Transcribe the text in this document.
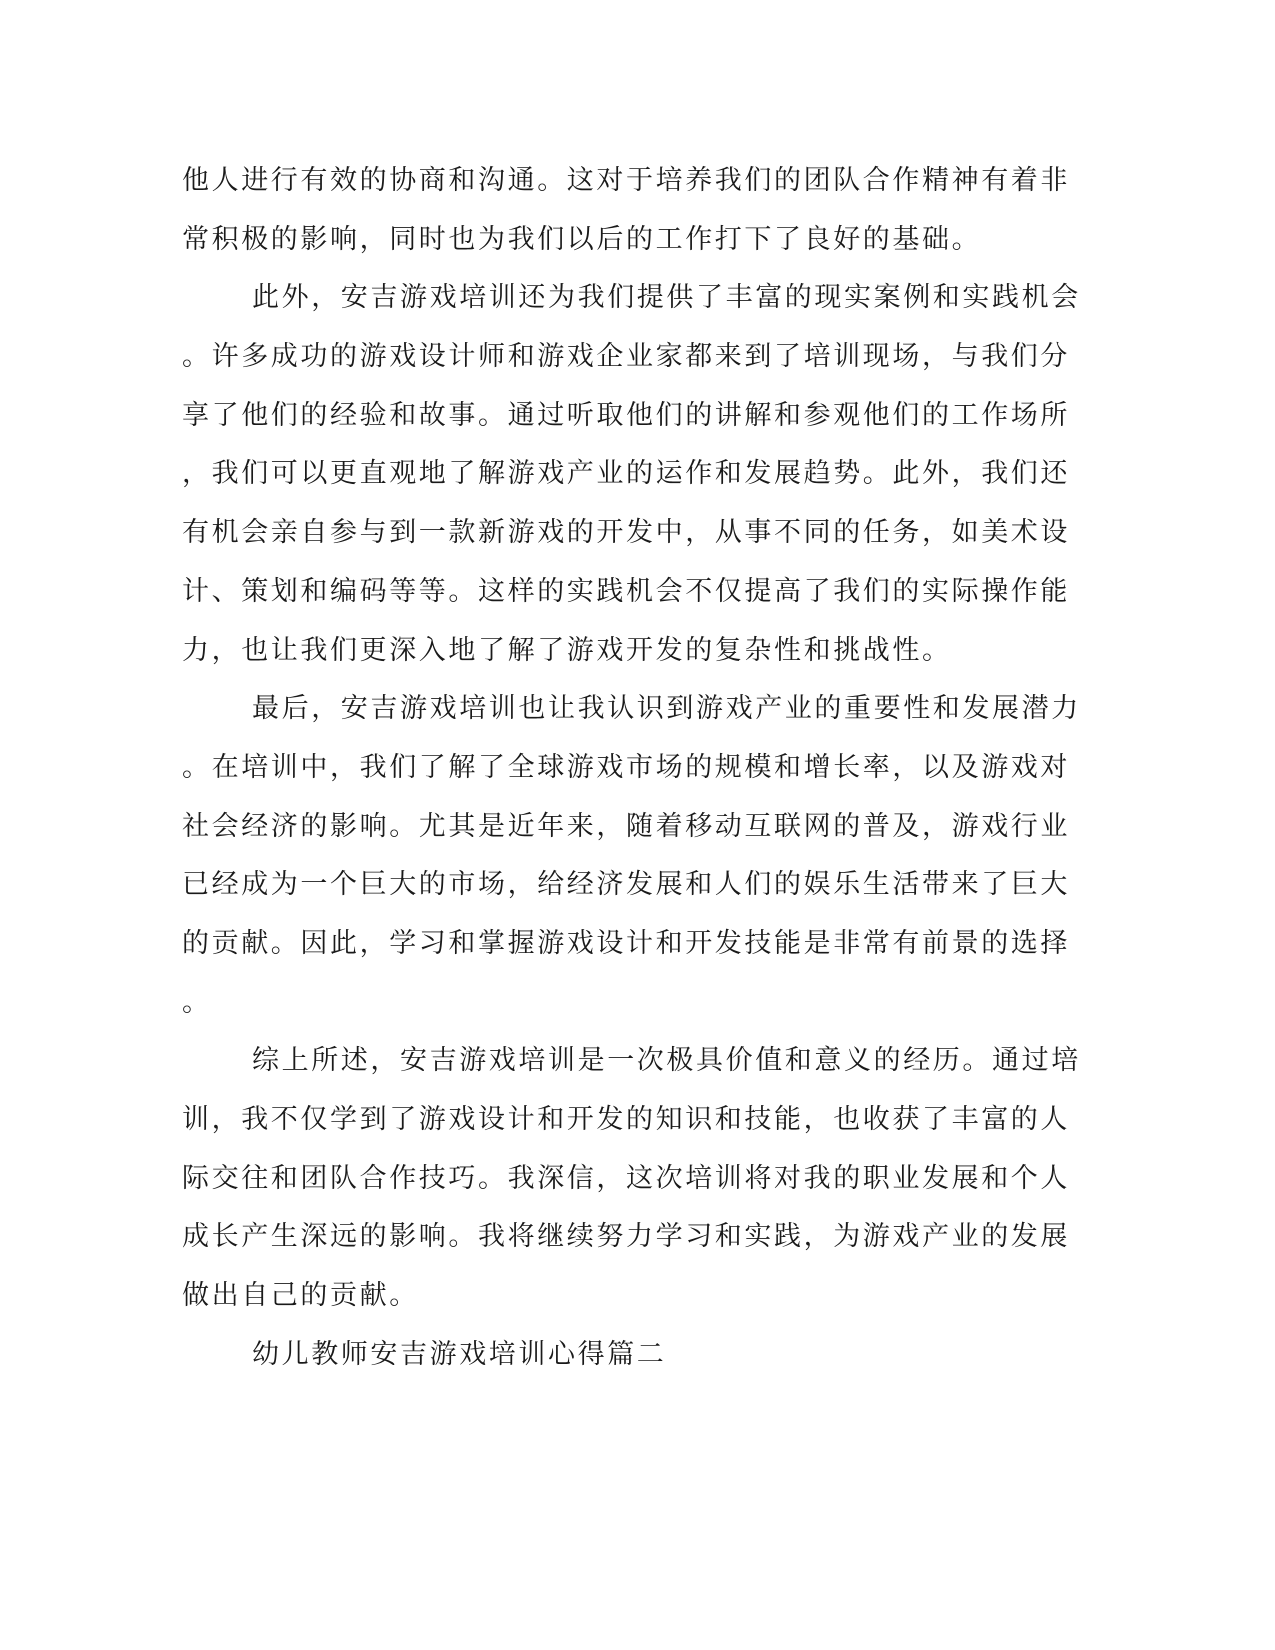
他人进行有效的协商和沟通。这对于培养我们的团队合作精神有着非
常积极的影响，同时也为我们以后的工作打下了良好的基础。
此外，安吉游戏培训还为我们提供了丰富的现实案例和实践机会
。许多成功的游戏设计师和游戏企业家都来到了培训现场，与我们分
享了他们的经验和故事。通过听取他们的讲解和参观他们的工作场所
，我们可以更直观地了解游戏产业的运作和发展趋势。此外，我们还
有机会亲自参与到一款新游戏的开发中，从事不同的任务，如美术设
计、策划和编码等等。这样的实践机会不仅提高了我们的实际操作能
力，也让我们更深入地了解了游戏开发的复杂性和挑战性。
最后，安吉游戏培训也让我认识到游戏产业的重要性和发展潜力
。在培训中，我们了解了全球游戏市场的规模和增长率，以及游戏对
社会经济的影响。尤其是近年来，随着移动互联网的普及，游戏行业
已经成为一个巨大的市场，给经济发展和人们的娱乐生活带来了巨大
的贡献。因此，学习和掌握游戏设计和开发技能是非常有前景的选择
。
综上所述，安吉游戏培训是一次极具价值和意义的经历。通过培
训，我不仅学到了游戏设计和开发的知识和技能，也收获了丰富的人
际交往和团队合作技巧。我深信，这次培训将对我的职业发展和个人
成长产生深远的影响。我将继续努力学习和实践，为游戏产业的发展
做出自己的贡献。
幼儿教师安吉游戏培训心得篇二
